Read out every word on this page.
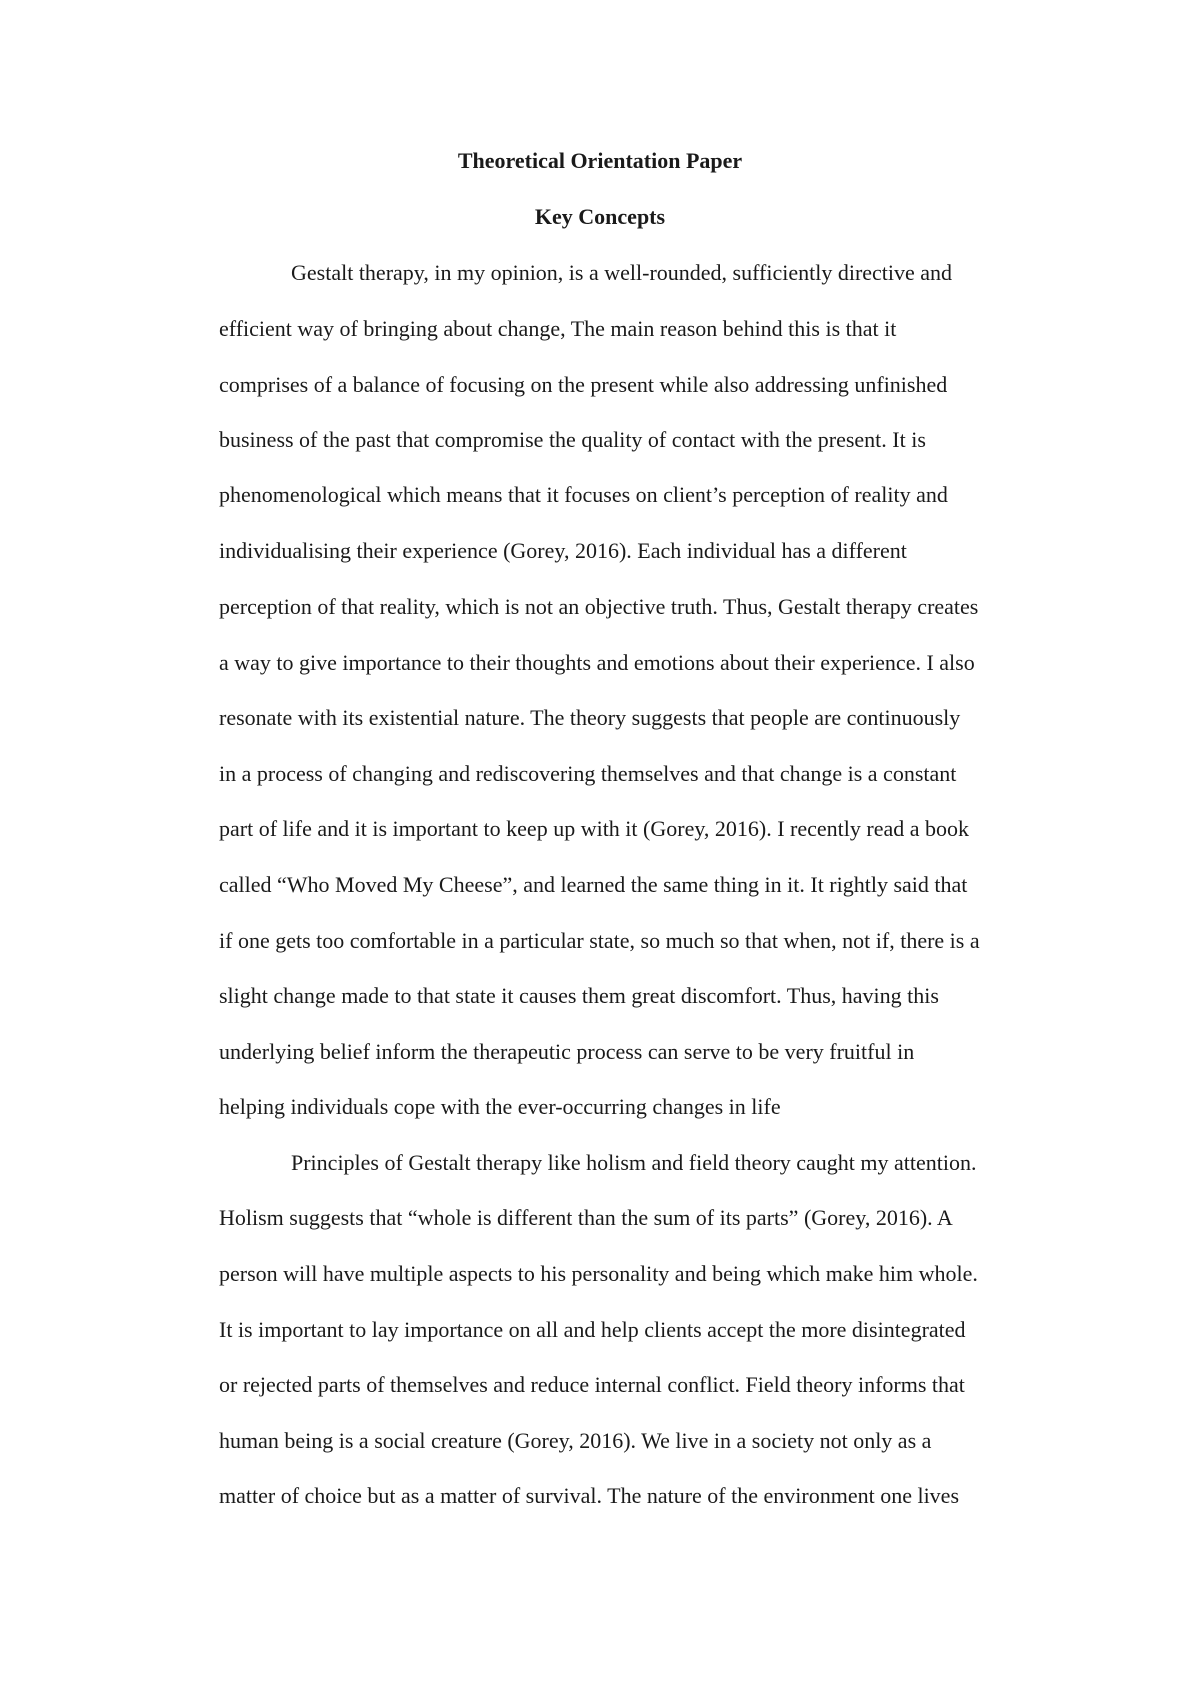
Theoretical Orientation Paper
Key Concepts

Gestalt therapy, in my opinion, is a well-rounded, sufficiently directive and

efficient way of bringing about change, The main reason behind this is that it

comprises of a balance of focusing on the present while also addressing unfinished

business of the past that compromise the quality of contact with the present. It is

phenomenological which means that it focuses on client’s perception of reality and

individualising their experience (Gorey, 2016). Each individual has a different

perception of that reality, which is not an objective truth. Thus, Gestalt therapy creates

a way to give importance to their thoughts and emotions about their experience. I also

resonate with its existential nature. The theory suggests that people are continuously

in a process of changing and rediscovering themselves and that change is a constant

part of life and it is important to keep up with it (Gorey, 2016). I recently read a book

called “Who Moved My Cheese”, and learned the same thing in it. It rightly said that

if one gets too comfortable in a particular state, so much so that when, not if, there is a

slight change made to that state it causes them great discomfort. Thus, having this

underlying belief inform the therapeutic process can serve to be very fruitful in

helping individuals cope with the ever-occurring changes in life

Principles of Gestalt therapy like holism and field theory caught my attention.

Holism suggests that “whole is different than the sum of its parts” (Gorey, 2016). A

person will have multiple aspects to his personality and being which make him whole.

It is important to lay importance on all and help clients accept the more disintegrated

or rejected parts of themselves and reduce internal conflict. Field theory informs that

human being is a social creature (Gorey, 2016). We live in a society not only as a

matter of choice but as a matter of survival. The nature of the environment one lives
